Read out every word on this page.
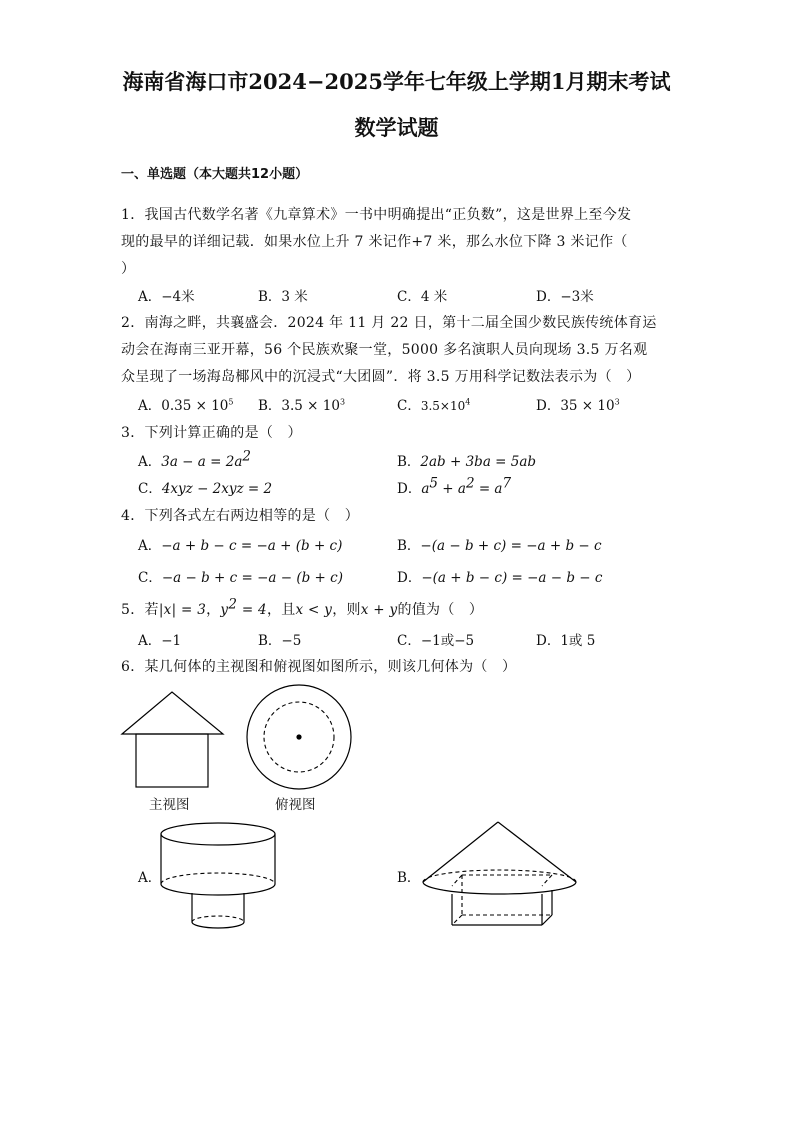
海南省海口市2024−2025学年七年级上学期1月期末考试
数学试题
一、单选题（本大题共12小题）
1．我国古代数学名著《九章算术》一书中明确提出“正负数”，这是世界上至今发
现的最早的详细记载．如果水位上升 7 米记作+7 米，那么水位下降 3 米记作（
）
A．−4米	B．3 米	C．4 米	D．−3米
2．南海之畔，共襄盛会．2024 年 11 月 22 日，第十二届全国少数民族传统体育运
动会在海南三亚开幕，56 个民族欢聚一堂，5000 多名演职人员向现场 3.5 万名观
众呈现了一场海岛椰风中的沉浸式“大团圆”．将 3.5 万用科学记数法表示为（　）
A．$0.35 \times 10^5$ B．$3.5 \times 10^3$	C．$3.5\times 10^4$	D．$35 \times 10^3$
3．下列计算正确的是（　）
A．$3a - a = 2a^2$	B．2ab + 3ba = 5ab
C．4xyz − 2xyz = 2	D．$a^5 + a^2 = a^7$
4．下列各式左右两边相等的是（　）
A．−a + b − c = −a + (b + c)	B．−(a − b + c) = −a + b − c
C．−a − b + c = −a − (b + c)	D．−(a + b − c) = −a − b − c
5．若|x| = 3，$y^2 = 4$，且x < y，则x + y的值为（　）
A．−1	B．−5	C．−1或−5	D．1或 5
6．某几何体的主视图和俯视图如图所示，则该几何体为（　）
主视图	俯视图
A．	B．
